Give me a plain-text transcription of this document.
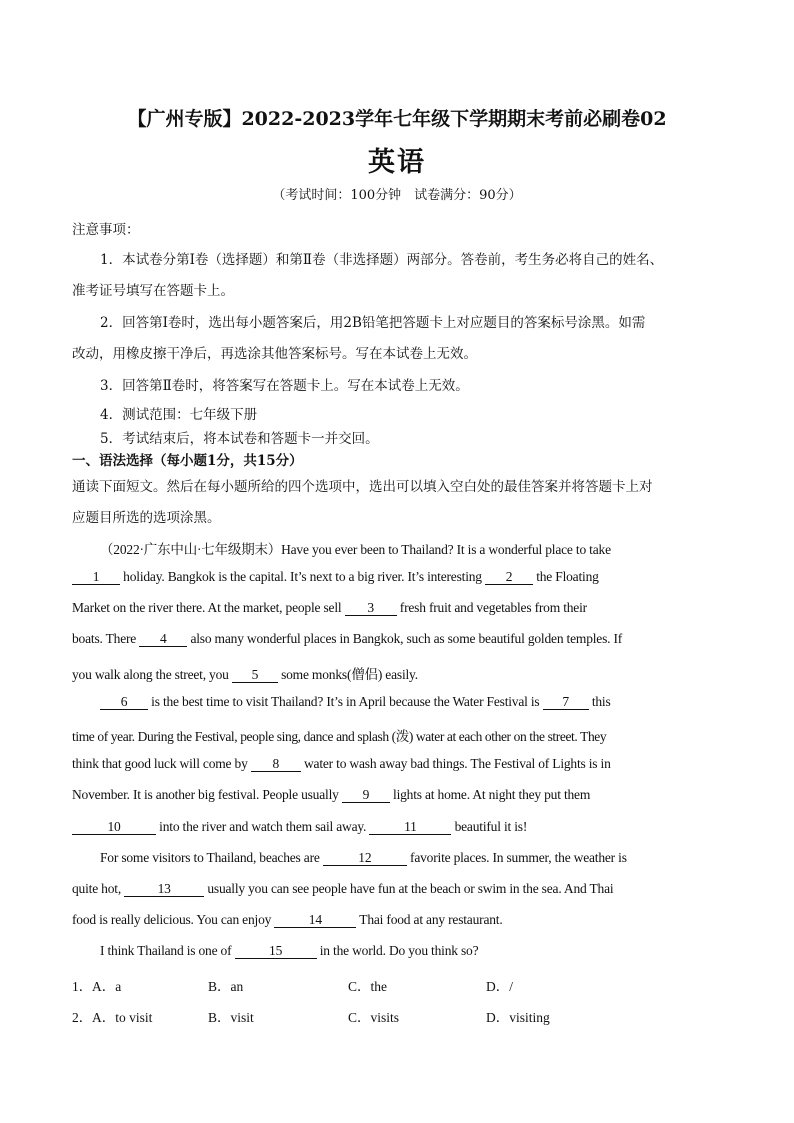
【广州专版】2022-2023学年七年级下学期期末考前必刷卷02
英语
（考试时间：100分钟　试卷满分：90分）
注意事项：
1．本试卷分第Ⅰ卷（选择题）和第Ⅱ卷（非选择题）两部分。答卷前，考生务必将自己的姓名、
准考证号填写在答题卡上。
2．回答第Ⅰ卷时，选出每小题答案后，用2B铅笔把答题卡上对应题目的答案标号涂黑。如需
改动，用橡皮擦干净后，再选涂其他答案标号。写在本试卷上无效。
3．回答第Ⅱ卷时，将答案写在答题卡上。写在本试卷上无效。
4．测试范围：七年级下册
5．考试结束后，将本试卷和答题卡一并交回。
一、语法选择（每小题1分，共15分）
通读下面短文。然后在每小题所给的四个选项中，选出可以填入空白处的最佳答案并将答题卡上对
应题目所选的选项涂黑。
（2022·广东中山·七年级期末）Have you ever been to Thailand? It is a wonderful place to take
1 holiday. Bangkok is the capital. It’s next to a big river. It’s interesting 2 the Floating
Market on the river there. At the market, people sell 3 fresh fruit and vegetables from their
boats. There 4 also many wonderful places in Bangkok, such as some beautiful golden temples. If
you walk along the street, you 5 some monks(僧侣) easily.
6 is the best time to visit Thailand? It’s in April because the Water Festival is 7 this
time of year. During the Festival, people sing, dance and splash (泼) water at each other on the street. They
think that good luck will come by 8 water to wash away bad things. The Festival of Lights is in
November. It is another big festival. People usually 9 lights at home. At night they put them
10	into the river and watch them sail away.	11	beautiful it is!
For some visitors to Thailand, beaches are	12	favorite places. In summer, the weather is
quite hot, 13 usually you can see people have fun at the beach or swim in the sea. And Thai
food is really delicious. You can enjoy	14	Thai food at any restaurant.
I think Thailand is one of	15	in the world. Do you think so?
1． A．a	B．an	C．the	D．/
2． A．to visit	B．visit	C．visits	D．visiting
